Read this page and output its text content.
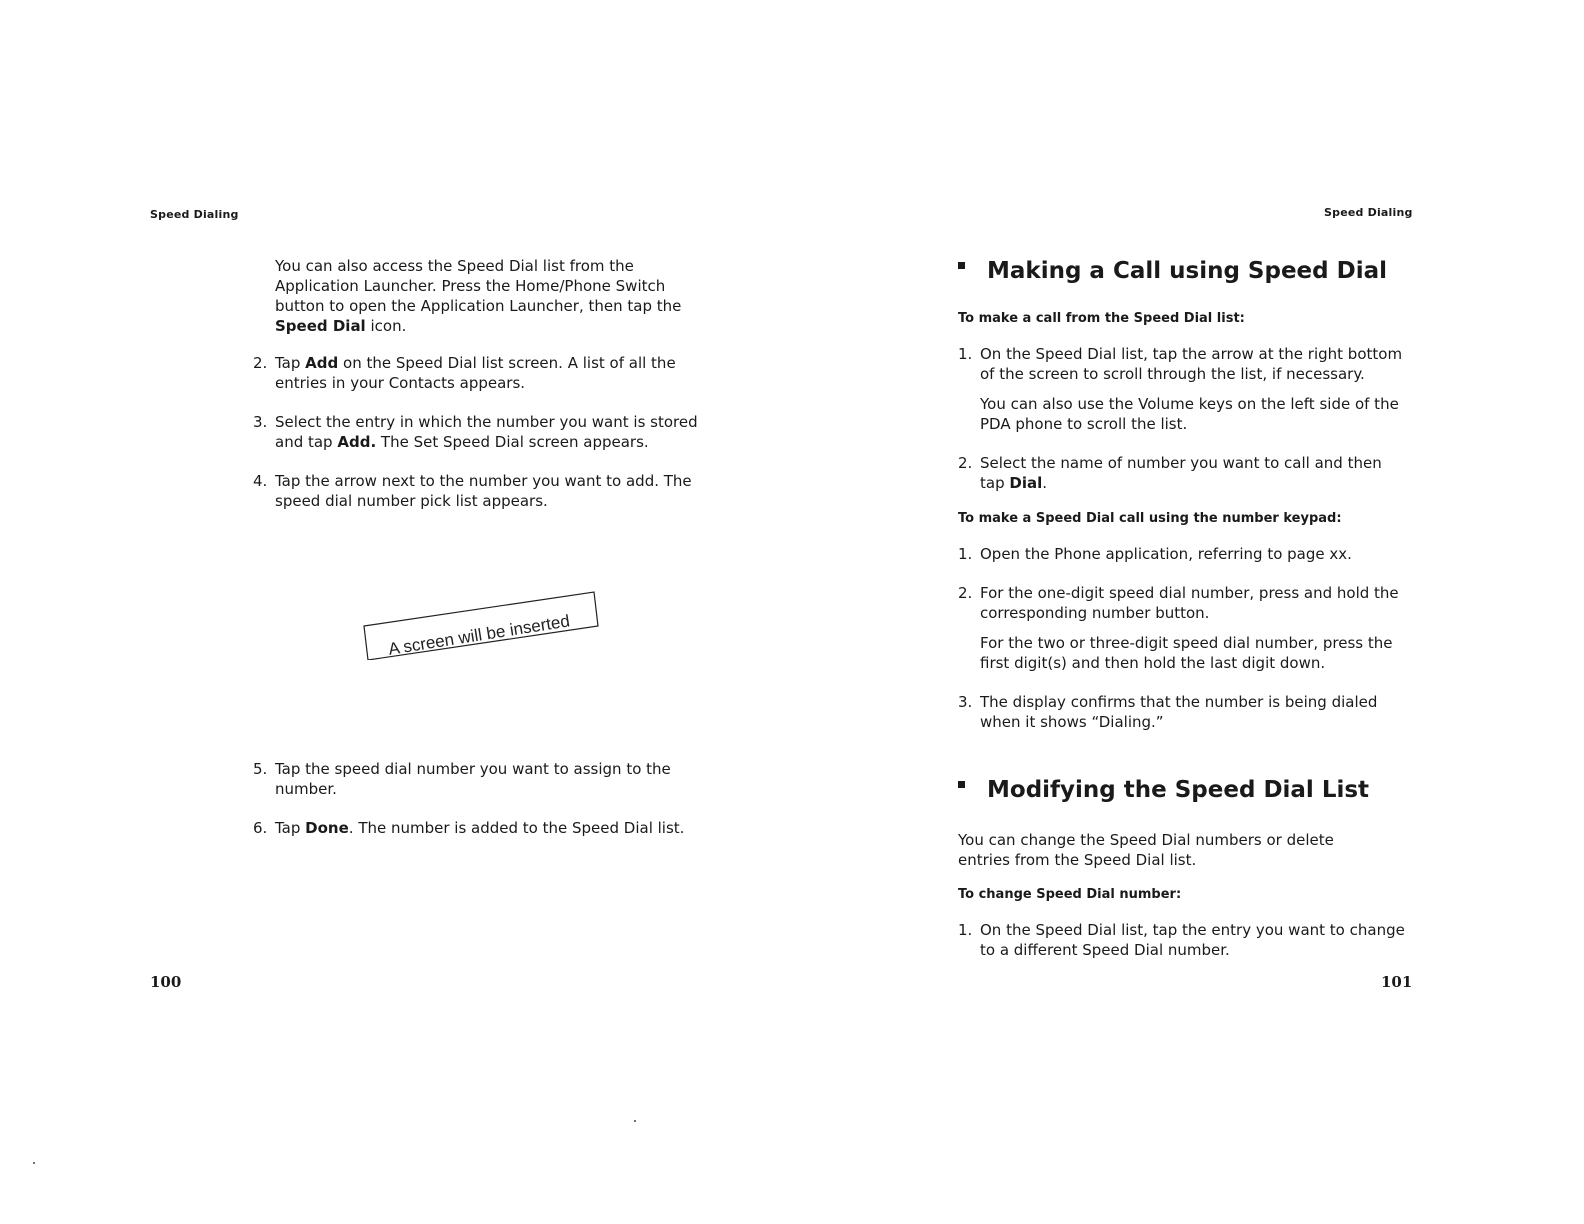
Speed Dialing
You can also access the Speed Dial list from the Application Launcher. Press the Home/Phone Switch button to open the Application Launcher, then tap the Speed Dial icon.
2. Tap Add on the Speed Dial list screen. A list of all the entries in your Contacts appears.
3. Select the entry in which the number you want is stored and tap Add. The Set Speed Dial screen appears.
4. Tap the arrow next to the number you want to add. The speed dial number pick list appears.
A screen will be inserted
5. Tap the speed dial number you want to assign to the number.
6. Tap Done. The number is added to the Speed Dial list.
100
Speed Dialing
Making a Call using Speed Dial
To make a call from the Speed Dial list:
1. On the Speed Dial list, tap the arrow at the right bottom of the screen to scroll through the list, if necessary.

You can also use the Volume keys on the left side of the PDA phone to scroll the list.

2. Select the name of number you want to call and then tap Dial.
To make a Speed Dial call using the number keypad:
1. Open the Phone application, referring to page xx.
2. For the one-digit speed dial number, press and hold the corresponding number button.

For the two or three-digit speed dial number, press the first digit(s) and then hold the last digit down.

3. The display confirms that the number is being dialed when it shows “Dialing.”
Modifying the Speed Dial List
You can change the Speed Dial numbers or delete entries from the Speed Dial list.
To change Speed Dial number:
1. On the Speed Dial list, tap the entry you want to change to a different Speed Dial number.
101
